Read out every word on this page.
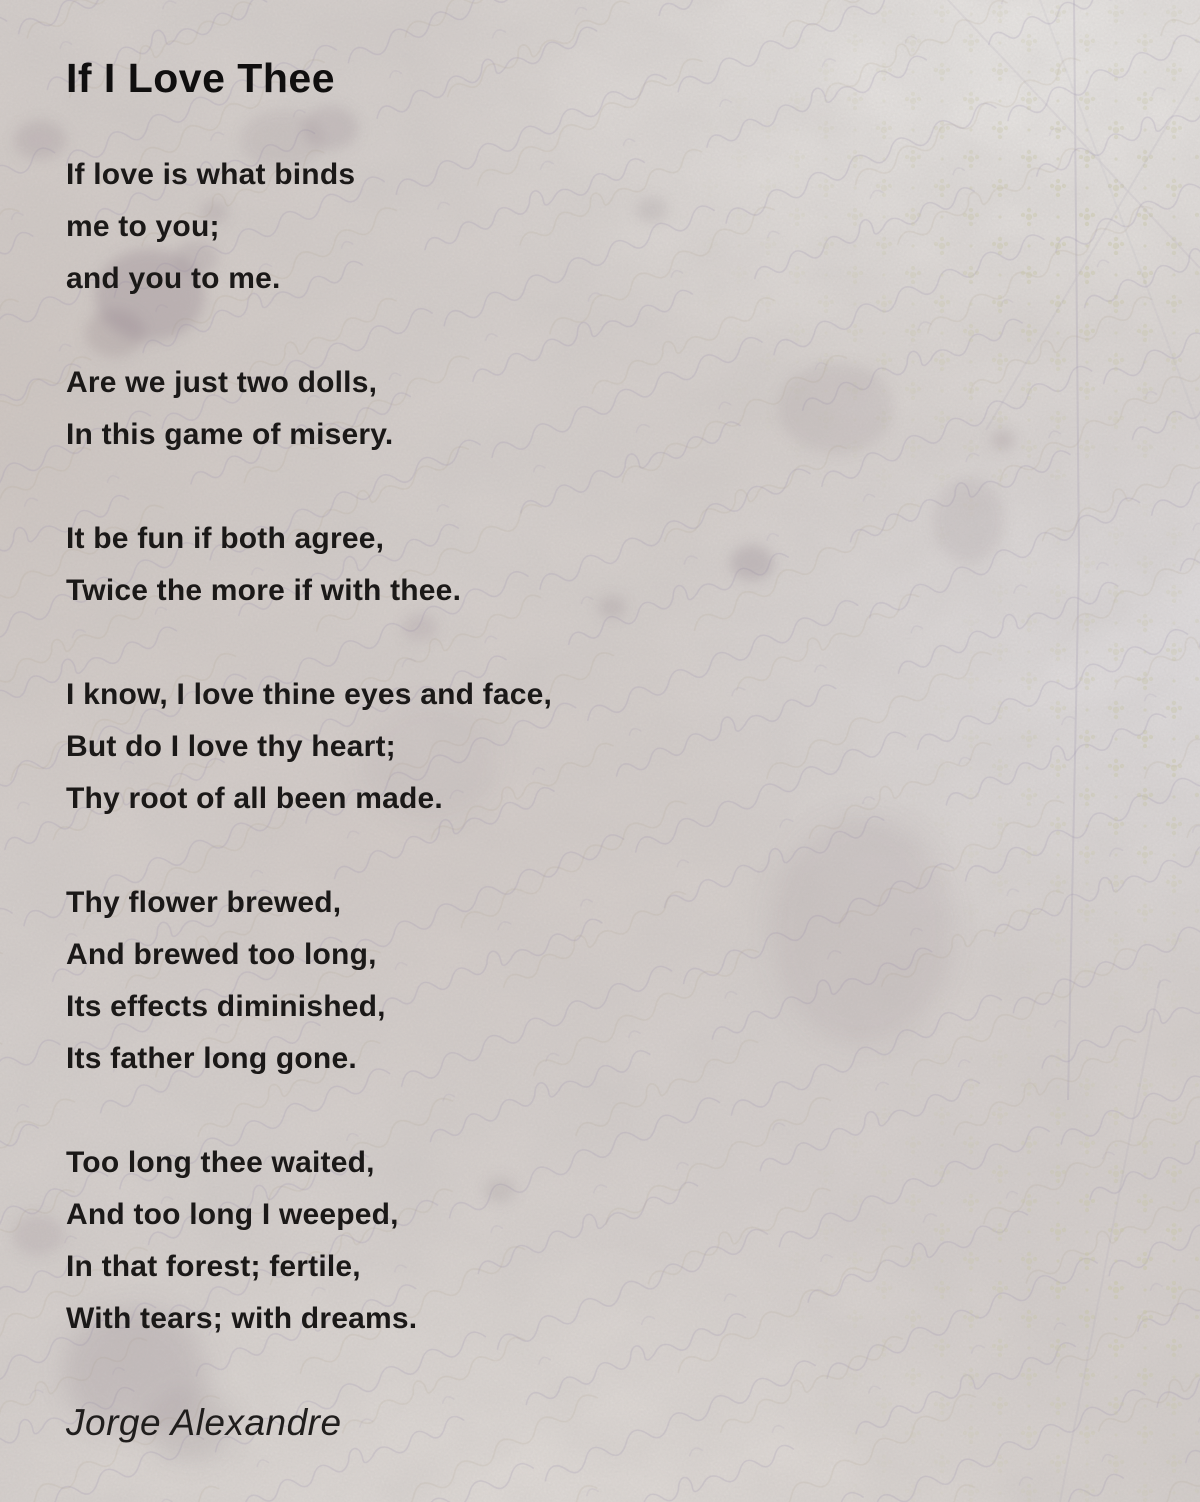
If I Love Thee
If love is what binds
me to you;
and you to me.
Are we just two dolls,
In this game of misery.
It be fun if both agree,
Twice the more if with thee.
I know, I love thine eyes and face,
But do I love thy heart;
Thy root of all been made.
Thy flower brewed,
And brewed too long,
Its effects diminished,
Its father long gone.
Too long thee waited,
And too long I weeped,
In that forest; fertile,
With tears; with dreams.
Jorge Alexandre
